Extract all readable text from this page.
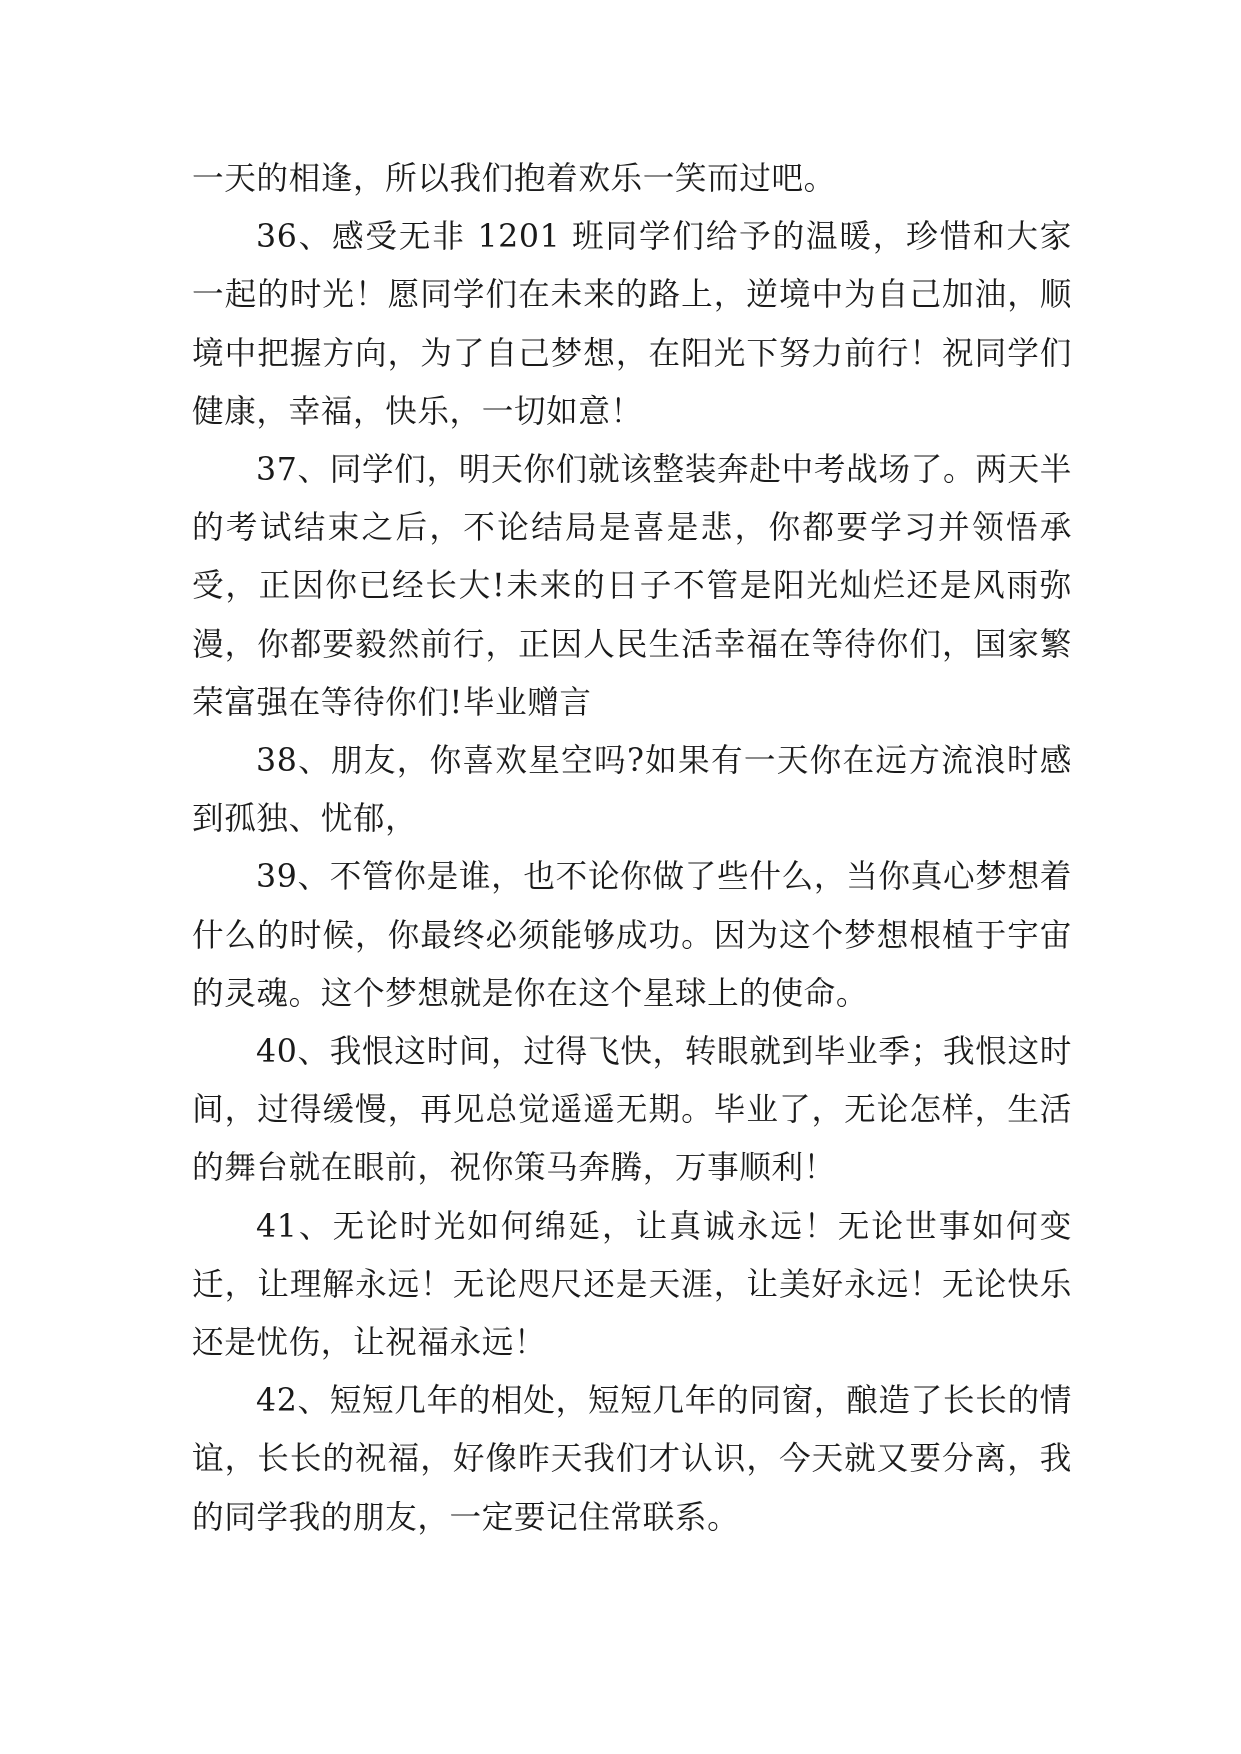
一天的相逢，所以我们抱着欢乐一笑而过吧。

36、感受无非 1201 班同学们给予的温暖，珍惜和大家一起的时光！愿同学们在未来的路上，逆境中为自己加油，顺境中把握方向，为了自己梦想，在阳光下努力前行！祝同学们健康，幸福，快乐，一切如意！

37、同学们，明天你们就该整装奔赴中考战场了。两天半的考试结束之后，不论结局是喜是悲，你都要学习并领悟承受，正因你已经长大!未来的日子不管是阳光灿烂还是风雨弥漫，你都要毅然前行，正因人民生活幸福在等待你们，国家繁荣富强在等待你们!毕业赠言

38、朋友，你喜欢星空吗?如果有一天你在远方流浪时感到孤独、忧郁，

39、不管你是谁，也不论你做了些什么，当你真心梦想着什么的时候，你最终必须能够成功。因为这个梦想根植于宇宙的灵魂。这个梦想就是你在这个星球上的使命。

40、我恨这时间，过得飞快，转眼就到毕业季；我恨这时间，过得缓慢，再见总觉遥遥无期。毕业了，无论怎样，生活的舞台就在眼前，祝你策马奔腾，万事顺利！

41、无论时光如何绵延，让真诚永远！无论世事如何变迁，让理解永远！无论咫尺还是天涯，让美好永远！无论快乐还是忧伤，让祝福永远！

42、短短几年的相处，短短几年的同窗，酿造了长长的情谊，长长的祝福，好像昨天我们才认识，今天就又要分离，我的同学我的朋友，一定要记住常联系。
